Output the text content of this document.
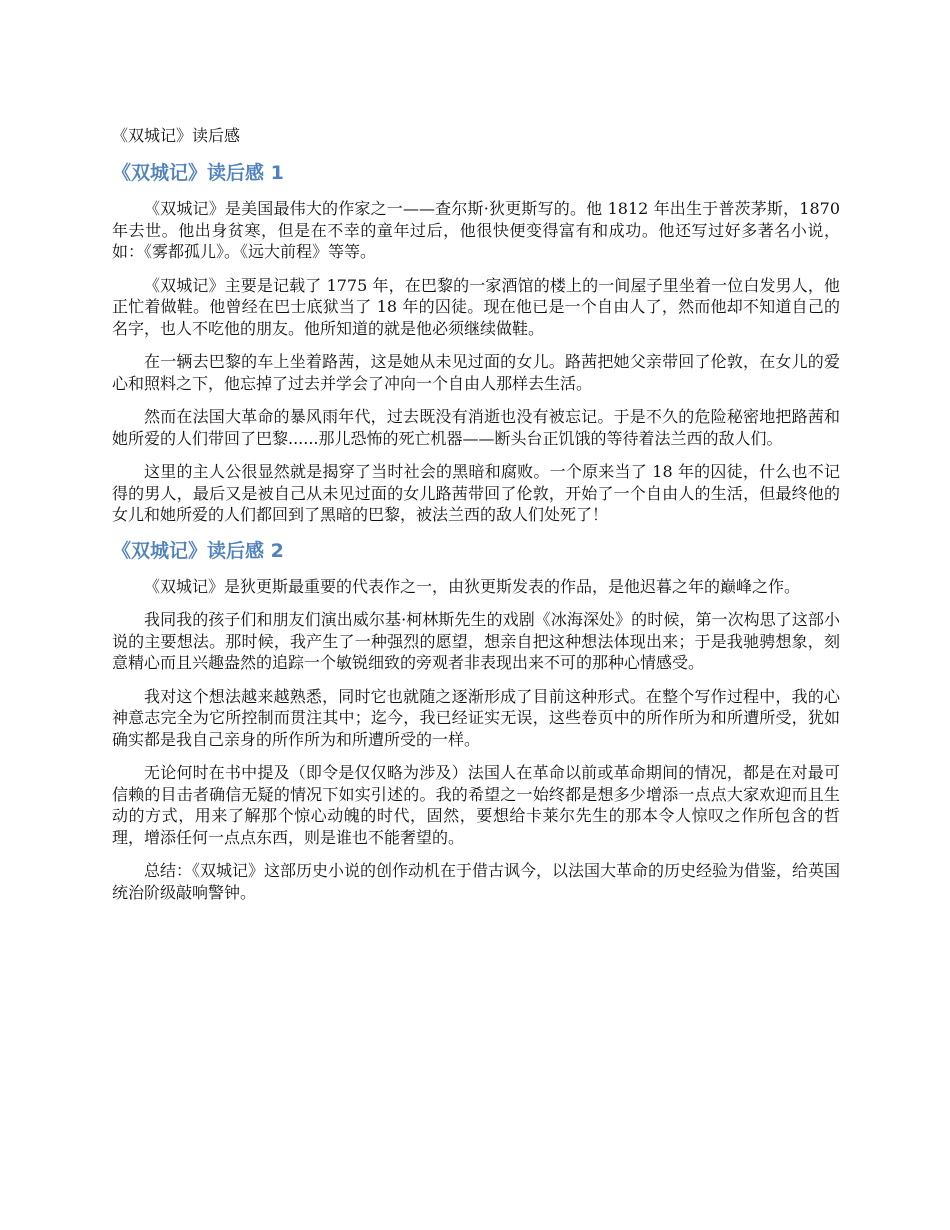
《双城记》读后感
《双城记》读后感 1

《双城记》是美国最伟大的作家之一——查尔斯·狄更斯写的。他 1812 年出生于普茨茅斯，1870 年去世。他出身贫寒，但是在不幸的童年过后，他很快便变得富有和成功。他还写过好多著名小说，如：《雾都孤儿》。《远大前程》等等。

《双城记》主要是记载了 1775 年，在巴黎的一家酒馆的楼上的一间屋子里坐着一位白发男人，他正忙着做鞋。他曾经在巴士底狱当了 18 年的囚徒。现在他已是一个自由人了，然而他却不知道自己的名字，也人不吃他的朋友。他所知道的就是他必须继续做鞋。

在一辆去巴黎的车上坐着路茜，这是她从未见过面的女儿。路茜把她父亲带回了伦敦，在女儿的爱心和照料之下，他忘掉了过去并学会了冲向一个自由人那样去生活。

然而在法国大革命的暴风雨年代，过去既没有消逝也没有被忘记。于是不久的危险秘密地把路茜和她所爱的人们带回了巴黎......那儿恐怖的死亡机器——断头台正饥饿的等待着法兰西的敌人们。

这里的主人公很显然就是揭穿了当时社会的黑暗和腐败。一个原来当了 18 年的囚徒，什么也不记得的男人，最后又是被自己从未见过面的女儿路茜带回了伦敦，开始了一个自由人的生活，但最终他的女儿和她所爱的人们都回到了黑暗的巴黎，被法兰西的敌人们处死了！

《双城记》读后感 2

《双城记》是狄更斯最重要的代表作之一，由狄更斯发表的作品，是他迟暮之年的巅峰之作。

我同我的孩子们和朋友们演出威尔基·柯林斯先生的戏剧《冰海深处》的时候，第一次构思了这部小说的主要想法。那时候，我产生了一种强烈的愿望，想亲自把这种想法体现出来；于是我驰骋想象，刻意精心而且兴趣盎然的追踪一个敏锐细致的旁观者非表现出来不可的那种心情感受。

我对这个想法越来越熟悉，同时它也就随之逐渐形成了目前这种形式。在整个写作过程中，我的心神意志完全为它所控制而贯注其中；迄今，我已经证实无误，这些卷页中的所作所为和所遭所受，犹如确实都是我自己亲身的所作所为和所遭所受的一样。

无论何时在书中提及（即令是仅仅略为涉及）法国人在革命以前或革命期间的情况，都是在对最可信赖的目击者确信无疑的情况下如实引述的。我的希望之一始终都是想多少增添一点点大家欢迎而且生动的方式，用来了解那个惊心动魄的时代，固然，要想给卡莱尔先生的那本令人惊叹之作所包含的哲理，增添任何一点点东西，则是谁也不能奢望的。

总结：《双城记》这部历史小说的创作动机在于借古讽今，以法国大革命的历史经验为借鉴，给英国统治阶级敲响警钟。
